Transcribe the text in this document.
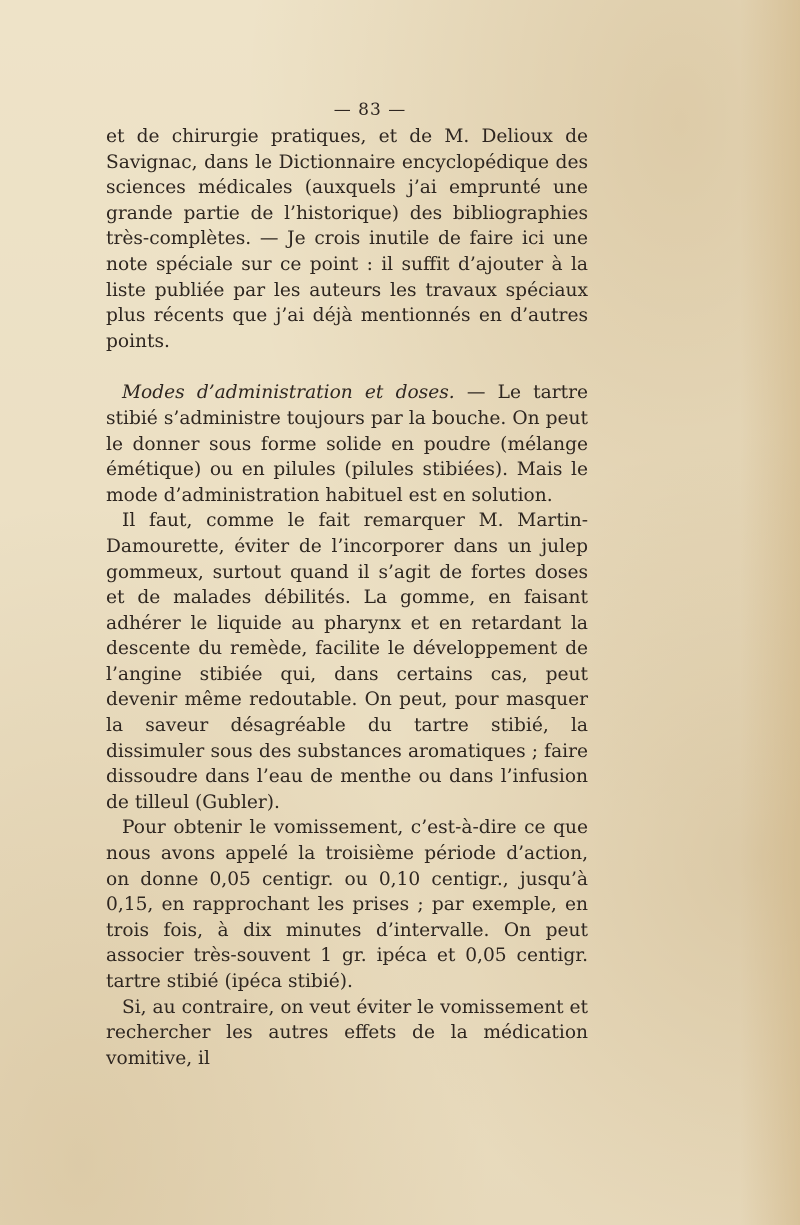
— 83 —

et de chirurgie pratiques, et de M. Delioux de Savignac, dans le Dictionnaire encyclopédique des sciences médicales (auxquels j’ai emprunté une grande partie de l’historique) des bibliographies très-complètes. — Je crois inutile de faire ici une note spéciale sur ce point : il suffit d’ajouter à la liste publiée par les auteurs les travaux spéciaux plus récents que j’ai déjà mentionnés en d’autres points.

Modes d’administration et doses. — Le tartre stibié s’administre toujours par la bouche. On peut le donner sous forme solide en poudre (mélange émétique) ou en pilules (pilules stibiées). Mais le mode d’administration habituel est en solution.

Il faut, comme le fait remarquer M. Martin-Damourette, éviter de l’incorporer dans un julep gommeux, surtout quand il s’agit de fortes doses et de malades débilités. La gomme, en faisant adhérer le liquide au pharynx et en retardant la descente du remède, facilite le développement de l’angine stibiée qui, dans certains cas, peut devenir même redoutable. On peut, pour masquer la saveur désagréable du tartre stibié, la dissimuler sous des substances aromatiques ; faire dissoudre dans l’eau de menthe ou dans l’infusion de tilleul (Gubler).

Pour obtenir le vomissement, c’est-à-dire ce que nous avons appelé la troisième période d’action, on donne 0,05 centigr. ou 0,10 centigr., jusqu’à 0,15, en rapprochant les prises ; par exemple, en trois fois, à dix minutes d’intervalle. On peut associer très-souvent 1 gr. ipéca et 0,05 centigr. tartre stibié (ipéca stibié).

Si, au contraire, on veut éviter le vomissement et rechercher les autres effets de la médication vomitive, il
